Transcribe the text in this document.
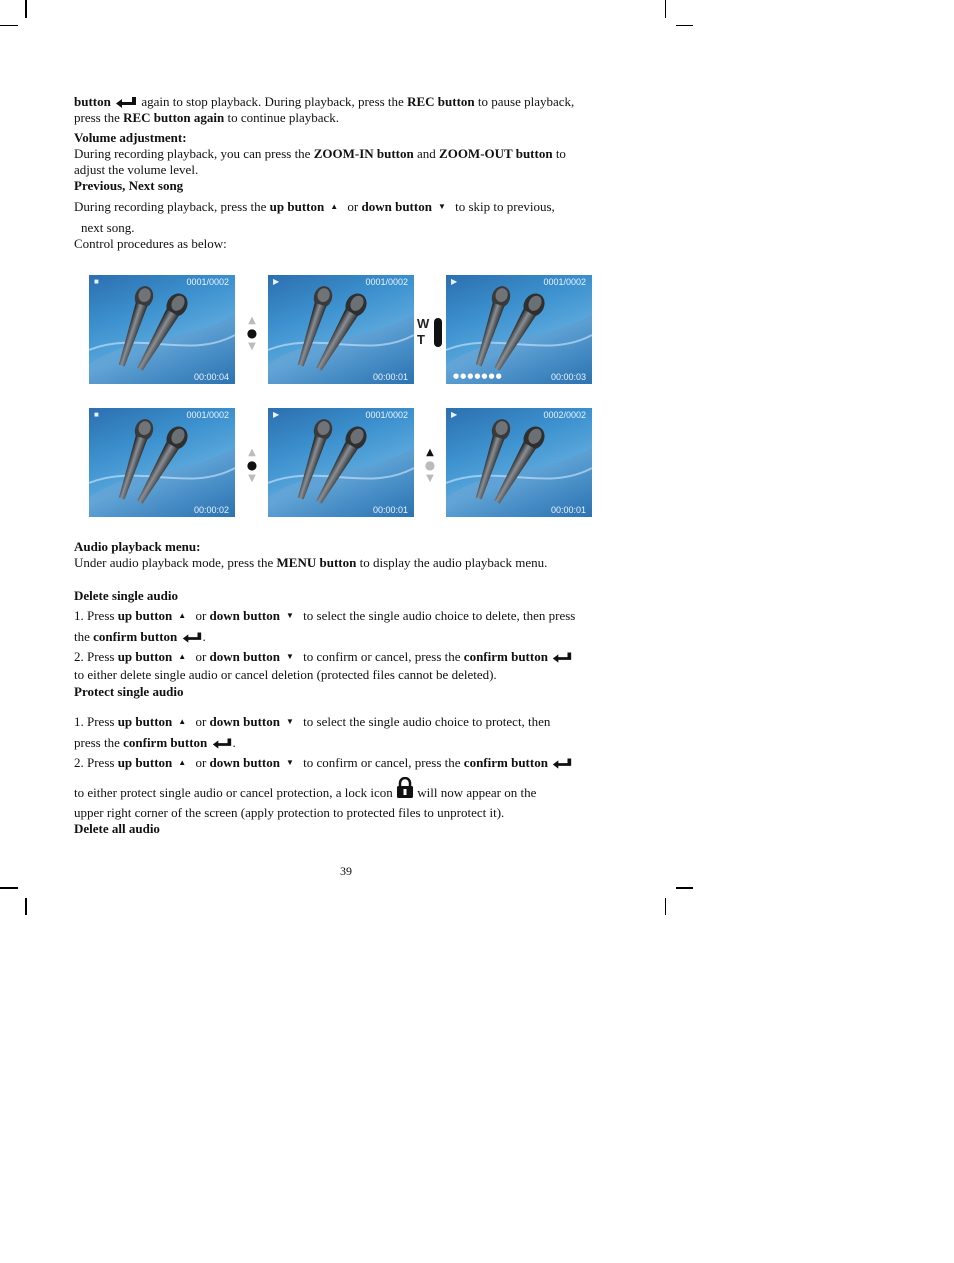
button  again to stop playback. During playback, press the REC button to pause playback,

press the REC button again to continue playback.

Volume adjustment:

During recording playback, you can press the ZOOM-IN button and ZOOM-OUT button to

adjust the volume level.

Previous, Next song

During recording playback, press the up button ▲ or down button ▼ to skip to previous,

next song.

Control procedures as below:

■	0001/0002
00:00:04
▲
●
▼
▶	0001/0002
00:00:01
W
T
▶	0001/0002
●●●●●●●	00:00:03
■	0001/0002
00:00:02
▲
●
▼
▶	0001/0002
00:00:01
▲
●
▼
▶	0002/0002
00:00:01

Audio playback menu:

Under audio playback mode, press the MENU button to display the audio playback menu.

Delete single audio

1. Press up button ▲ or down button ▼ to select the single audio choice to delete, then press

the confirm button .

2. Press up button ▲ or down button ▼ to confirm or cancel, press the confirm button

to either delete single audio or cancel deletion (protected files cannot be deleted).

Protect single audio

1. Press up button ▲ or down button ▼ to select the single audio choice to protect, then

press the confirm button .

2. Press up button ▲ or down button ▼ to confirm or cancel, press the confirm button

to either protect single audio or cancel protection, a lock icon  will now appear on the

upper right corner of the screen (apply protection to protected files to unprotect it).

Delete all audio

39
